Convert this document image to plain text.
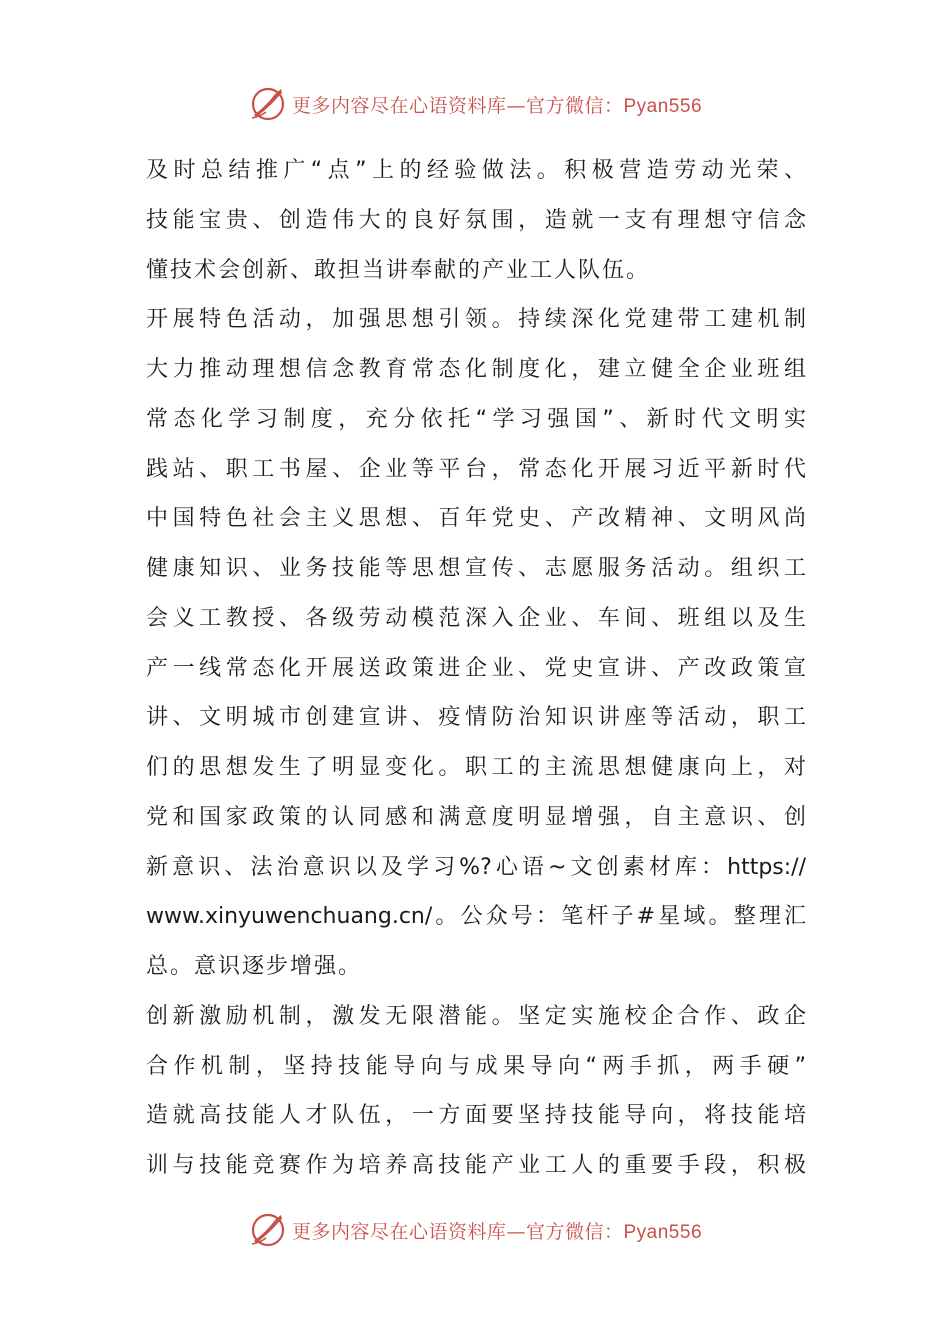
更多内容尽在心语资料库—官方微信：Pyan556
及时总结推广“点”上的经验做法。积极营造劳动光荣、
技能宝贵、创造伟大的良好氛围，造就一支有理想守信念
懂技术会创新、敢担当讲奉献的产业工人队伍。
开展特色活动，加强思想引领。持续深化党建带工建机制
大力推动理想信念教育常态化制度化，建立健全企业班组
常态化学习制度，充分依托“学习强国”、新时代文明实
践站、职工书屋、企业等平台，常态化开展习近平新时代
中国特色社会主义思想、百年党史、产改精神、文明风尚
健康知识、业务技能等思想宣传、志愿服务活动。组织工
会义工教授、各级劳动模范深入企业、车间、班组以及生
产一线常态化开展送政策进企业、党史宣讲、产改政策宣
讲、文明城市创建宣讲、疫情防治知识讲座等活动，职工
们的思想发生了明显变化。职工的主流思想健康向上，对
党和国家政策的认同感和满意度明显增强，自主意识、创
新意识、法治意识以及学习%?心语~文创素材库：https://
www.xinyuwenchuang.cn/。公众号：笔杆子#星域。整理汇
总。意识逐步增强。
创新激励机制，激发无限潜能。坚定实施校企合作、政企
合作机制，坚持技能导向与成果导向“两手抓，两手硬”
造就高技能人才队伍，一方面要坚持技能导向，将技能培
训与技能竞赛作为培养高技能产业工人的重要手段，积极
更多内容尽在心语资料库—官方微信：Pyan556
